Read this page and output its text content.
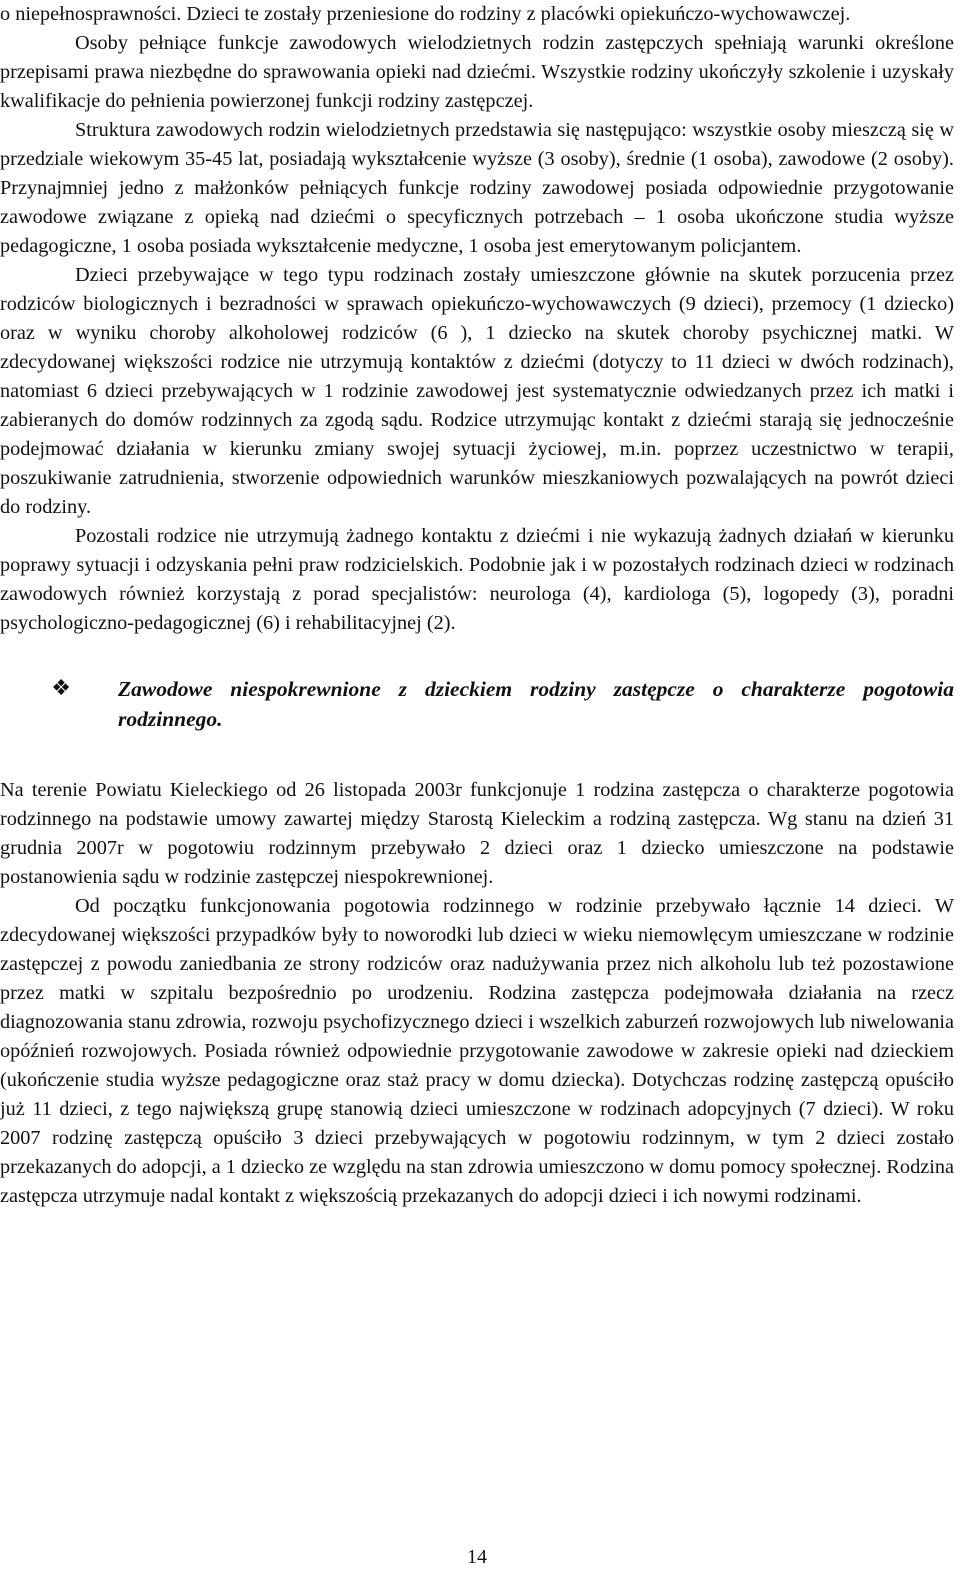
o niepełnosprawności. Dzieci te zostały przeniesione do rodziny z placówki opiekuńczo-wychowawczej.

Osoby pełniące funkcje zawodowych wielodzietnych rodzin zastępczych spełniają warunki określone przepisami prawa niezbędne do sprawowania opieki nad dziećmi. Wszystkie rodziny ukończyły szkolenie i uzyskały kwalifikacje do pełnienia powierzonej funkcji rodziny zastępczej.

Struktura zawodowych rodzin wielodzietnych przedstawia się następująco: wszystkie osoby mieszczą się w przedziale wiekowym 35-45 lat, posiadają wykształcenie wyższe (3 osoby), średnie (1 osoba), zawodowe (2 osoby). Przynajmniej jedno z małżonków pełniących funkcje rodziny zawodowej posiada odpowiednie przygotowanie zawodowe związane z opieką nad dziećmi o specyficznych potrzebach – 1 osoba ukończone studia wyższe pedagogiczne, 1 osoba posiada wykształcenie medyczne, 1 osoba jest emerytowanym policjantem.

Dzieci przebywające w tego typu rodzinach zostały umieszczone głównie na skutek porzucenia przez rodziców biologicznych i bezradności w sprawach opiekuńczo-wychowawczych (9 dzieci), przemocy (1 dziecko) oraz w wyniku choroby alkoholowej rodziców (6 ), 1 dziecko na skutek choroby psychicznej matki. W zdecydowanej większości rodzice nie utrzymują kontaktów z dziećmi (dotyczy to 11 dzieci w dwóch rodzinach), natomiast 6 dzieci przebywających w 1 rodzinie zawodowej jest systematycznie odwiedzanych przez ich matki i zabieranych do domów rodzinnych za zgodą sądu. Rodzice utrzymując kontakt z dziećmi starają się jednocześnie podejmować działania w kierunku zmiany swojej sytuacji życiowej, m.in. poprzez uczestnictwo w terapii, poszukiwanie zatrudnienia, stworzenie odpowiednich warunków mieszkaniowych pozwalających na powrót dzieci do rodziny.

Pozostali rodzice nie utrzymują żadnego kontaktu z dziećmi i nie wykazują żadnych działań w kierunku poprawy sytuacji i odzyskania pełni praw rodzicielskich. Podobnie jak i w pozostałych rodzinach dzieci w rodzinach zawodowych również korzystają z porad specjalistów: neurologa (4), kardiologa (5), logopedy (3), poradni psychologiczno-pedagogicznej (6) i rehabilitacyjnej (2).

❖	Zawodowe niespokrewnione z dzieckiem rodziny zastępcze o charakterze pogotowia rodzinnego.

Na terenie Powiatu Kieleckiego od 26 listopada 2003r funkcjonuje 1 rodzina zastępcza o charakterze pogotowia rodzinnego na podstawie umowy zawartej między Starostą Kieleckim a rodziną zastępcza. Wg stanu na dzień 31 grudnia 2007r w pogotowiu rodzinnym przebywało 2 dzieci oraz 1 dziecko umieszczone na podstawie postanowienia sądu w rodzinie zastępczej niespokrewnionej.

Od początku funkcjonowania pogotowia rodzinnego w rodzinie przebywało łącznie 14 dzieci. W zdecydowanej większości przypadków były to noworodki lub dzieci w wieku niemowlęcym umieszczane w rodzinie zastępczej z powodu zaniedbania ze strony rodziców oraz nadużywania przez nich alkoholu lub też pozostawione przez matki w szpitalu bezpośrednio po urodzeniu. Rodzina zastępcza podejmowała działania na rzecz diagnozowania stanu zdrowia, rozwoju psychofizycznego dzieci i wszelkich zaburzeń rozwojowych lub niwelowania opóźnień rozwojowych. Posiada również odpowiednie przygotowanie zawodowe w zakresie opieki nad dzieckiem (ukończenie studia wyższe pedagogiczne oraz staż pracy w domu dziecka). Dotychczas rodzinę zastępczą opuściło już 11 dzieci, z tego największą grupę stanowią dzieci umieszczone w rodzinach adopcyjnych (7 dzieci). W roku 2007 rodzinę zastępczą opuściło 3 dzieci przebywających w pogotowiu rodzinnym, w tym 2 dzieci zostało przekazanych do adopcji, a 1 dziecko ze względu na stan zdrowia umieszczono w domu pomocy społecznej. Rodzina zastępcza utrzymuje nadal kontakt z większością przekazanych do adopcji dzieci i ich nowymi rodzinami.

14
